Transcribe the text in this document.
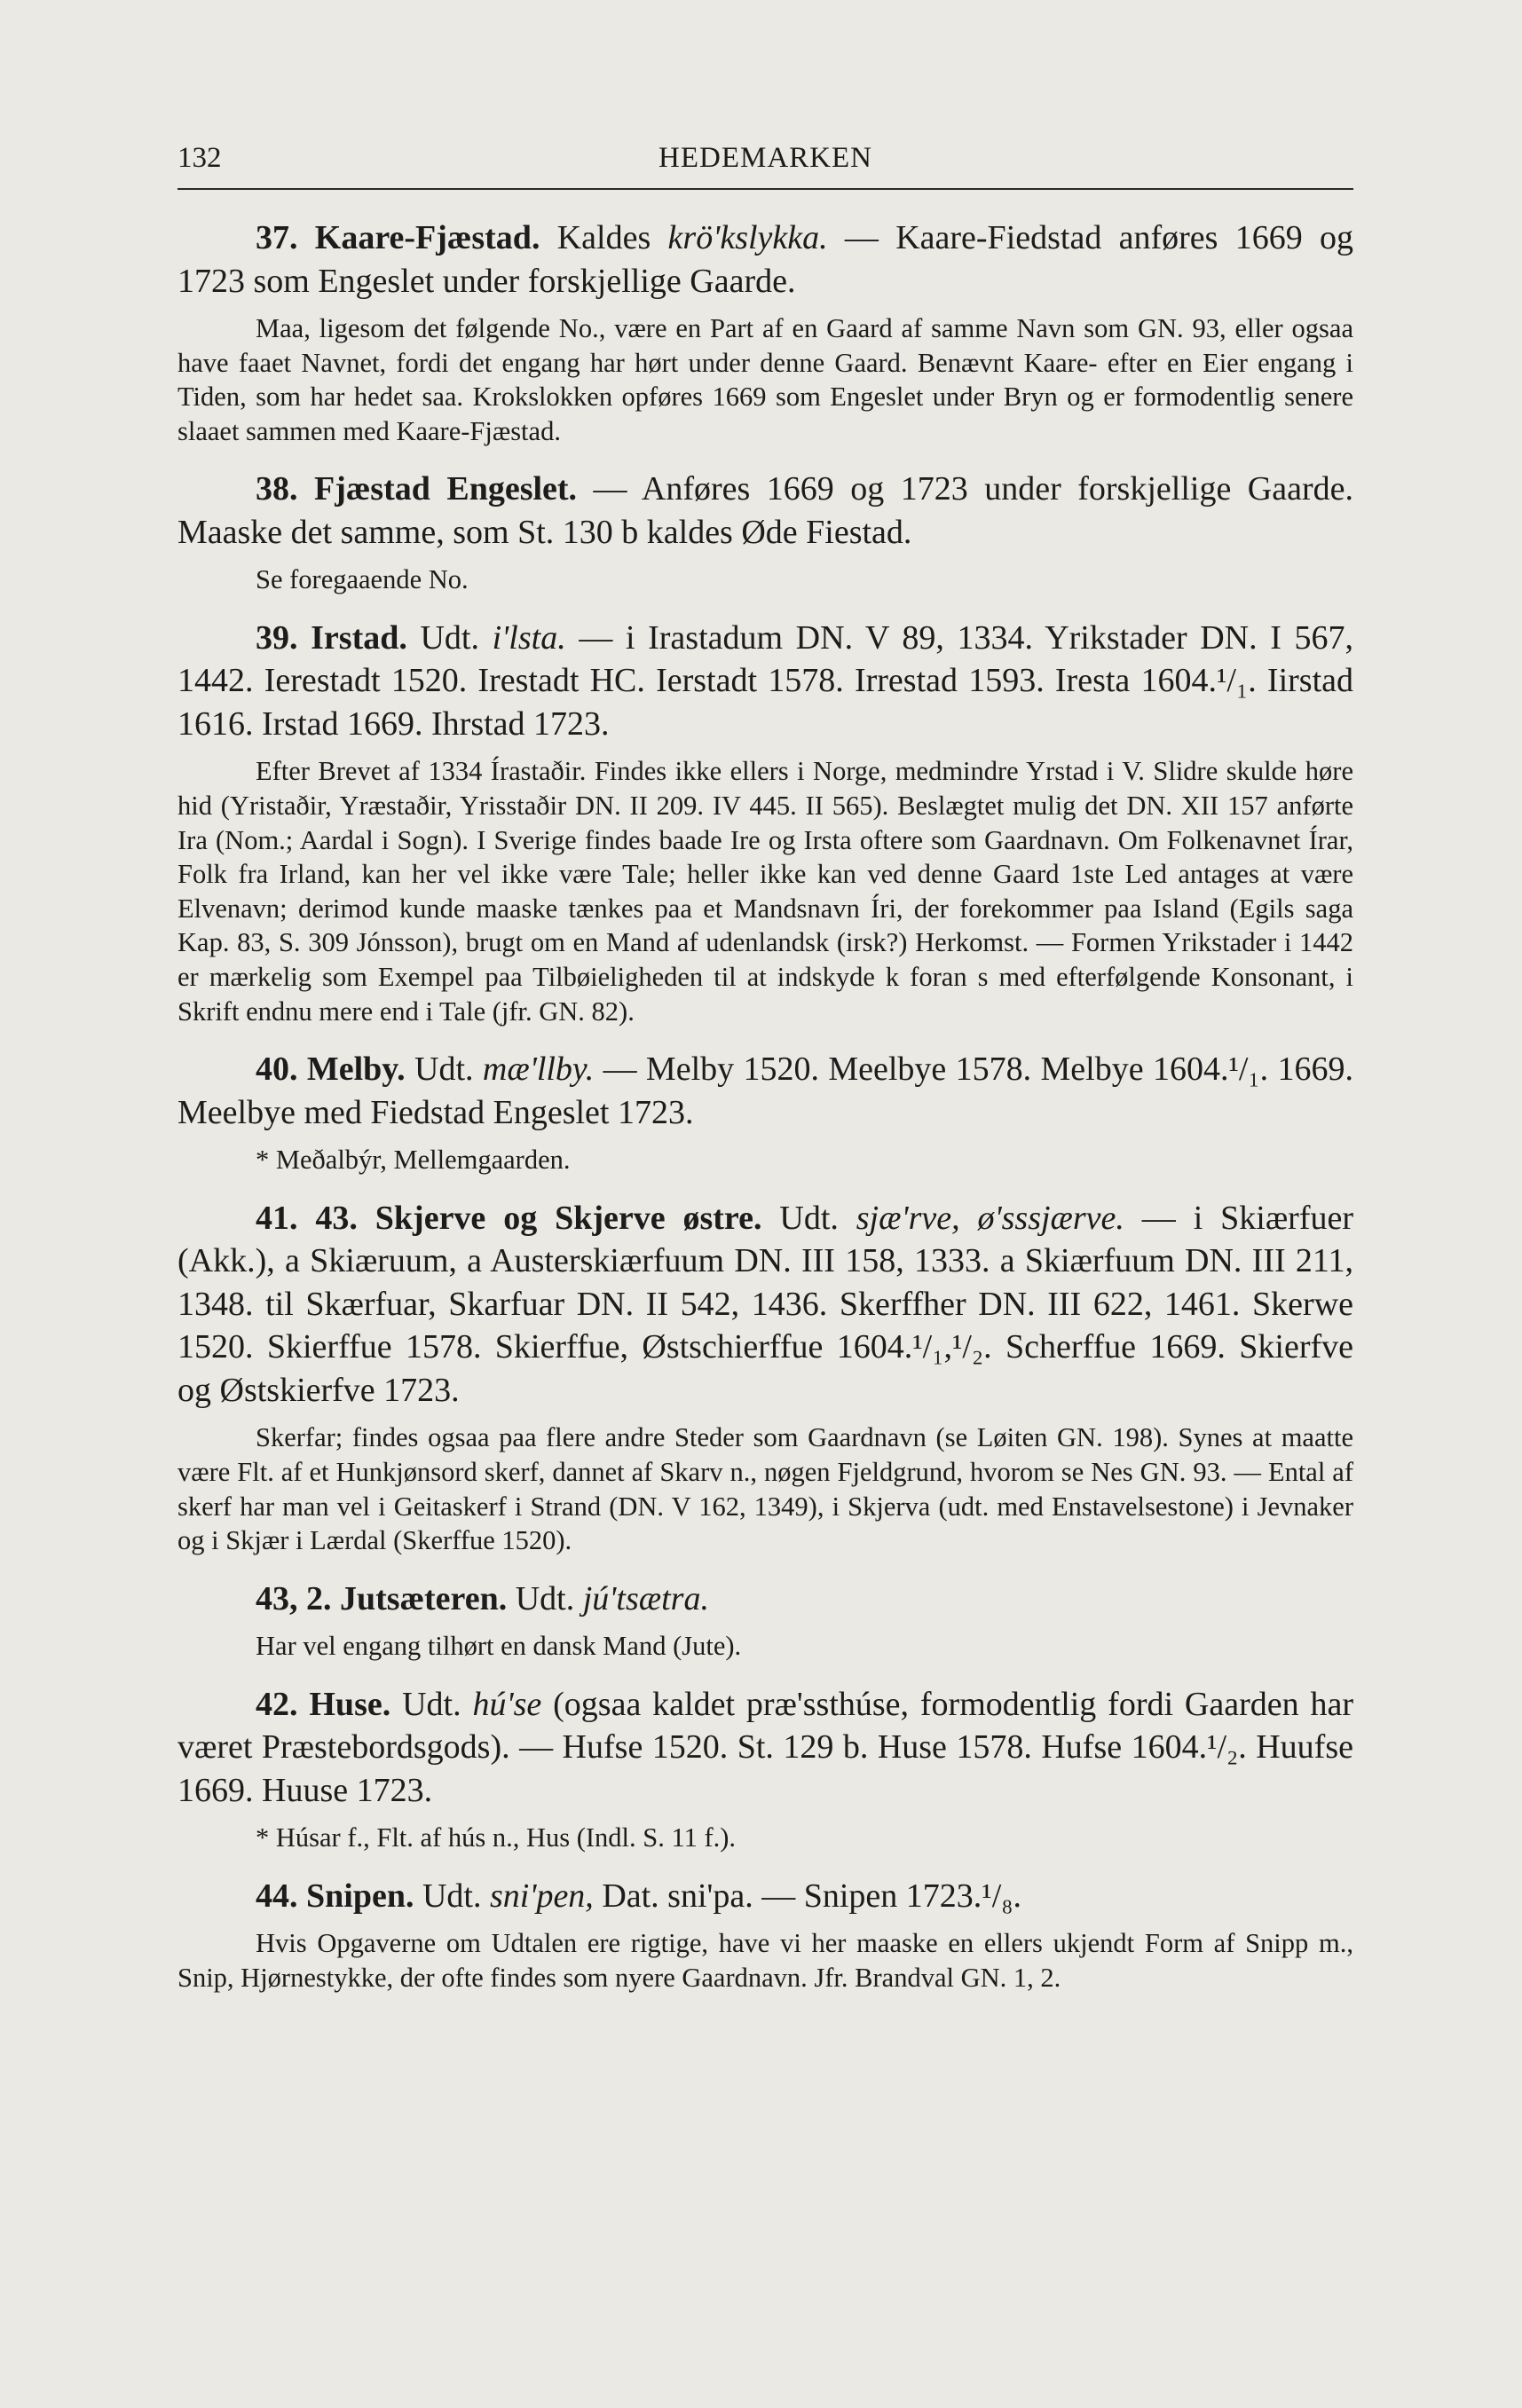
132	HEDEMARKEN

37. Kaare-Fjæstad. Kaldes krö'kslykka. — Kaare-Fiedstad anføres 1669 og 1723 som Engeslet under forskjellige Gaarde.

Maa, ligesom det følgende No., være en Part af en Gaard af samme Navn som GN. 93, eller ogsaa have faaet Navnet, fordi det engang har hørt under denne Gaard. Benævnt Kaare- efter en Eier engang i Tiden, som har hedet saa. Krokslokken opføres 1669 som Engeslet under Bryn og er formodentlig senere slaaet sammen med Kaare-Fjæstad.

38. Fjæstad Engeslet. — Anføres 1669 og 1723 under forskjellige Gaarde. Maaske det samme, som St. 130 b kaldes Øde Fiestad.

Se foregaaende No.

39. Irstad. Udt. i'lsta. — i Irastadum DN. V 89, 1334. Yrikstader DN. I 567, 1442. Ierestadt 1520. Irestadt HC. Ierstadt 1578. Irrestad 1593. Iresta 1604.¹/₁. Iirstad 1616. Irstad 1669. Ihrstad 1723.

Efter Brevet af 1334 Írastaðir. Findes ikke ellers i Norge, medmindre Yrstad i V. Slidre skulde høre hid (Yristaðir, Yræstaðir, Yrisstaðir DN. II 209. IV 445. II 565). Beslægtet mulig det DN. XII 157 anførte Ira (Nom.; Aardal i Sogn). I Sverige findes baade Ire og Irsta oftere som Gaardnavn. Om Folkenavnet Írar, Folk fra Irland, kan her vel ikke være Tale; heller ikke kan ved denne Gaard 1ste Led antages at være Elvenavn; derimod kunde maaske tænkes paa et Mandsnavn Íri, der forekommer paa Island (Egils saga Kap. 83, S. 309 Jónsson), brugt om en Mand af udenlandsk (irsk?) Herkomst. — Formen Yrikstader i 1442 er mærkelig som Exempel paa Tilbøieligheden til at indskyde k foran s med efterfølgende Konsonant, i Skrift endnu mere end i Tale (jfr. GN. 82).

40. Melby. Udt. mæ'llby. — Melby 1520. Meelbye 1578. Melbye 1604.¹/₁. 1669. Meelbye med Fiedstad Engeslet 1723.

* Meðalbýr, Mellemgaarden.

41. 43. Skjerve og Skjerve østre. Udt. sjæ'rve, ø'sssjærve. — i Skiærfuer (Akk.), a Skiæruum, a Austerskiærfuum DN. III 158, 1333. a Skiærfuum DN. III 211, 1348. til Skærfuar, Skarfuar DN. II 542, 1436. Skerffher DN. III 622, 1461. Skerwe 1520. Skierffue 1578. Skierffue, Østschierffue 1604.¹/₁,¹/₂. Scherffue 1669. Skierfve og Østskierfve 1723.

Skerfar; findes ogsaa paa flere andre Steder som Gaardnavn (se Løiten GN. 198). Synes at maatte være Flt. af et Hunkjønsord skerf, dannet af Skarv n., nøgen Fjeldgrund, hvorom se Nes GN. 93. — Ental af skerf har man vel i Geitaskerf i Strand (DN. V 162, 1349), i Skjerva (udt. med Enstavelsestone) i Jevnaker og i Skjær i Lærdal (Skerffue 1520).

43, 2. Jutsæteren. Udt. jú'tsætra.

Har vel engang tilhørt en dansk Mand (Jute).

42. Huse. Udt. hú'se (ogsaa kaldet præ'ssthúse, formodentlig fordi Gaarden har været Præstebordsgods). — Hufse 1520. St. 129 b. Huse 1578. Hufse 1604.¹/₂. Huufse 1669. Huuse 1723.

* Húsar f., Flt. af hús n., Hus (Indl. S. 11 f.).

44. Snipen. Udt. sni'pen, Dat. sni'pa. — Snipen 1723.¹/₈.

Hvis Opgaverne om Udtalen ere rigtige, have vi her maaske en ellers ukjendt Form af Snipp m., Snip, Hjørnestykke, der ofte findes som nyere Gaardnavn. Jfr. Brandval GN. 1, 2.
